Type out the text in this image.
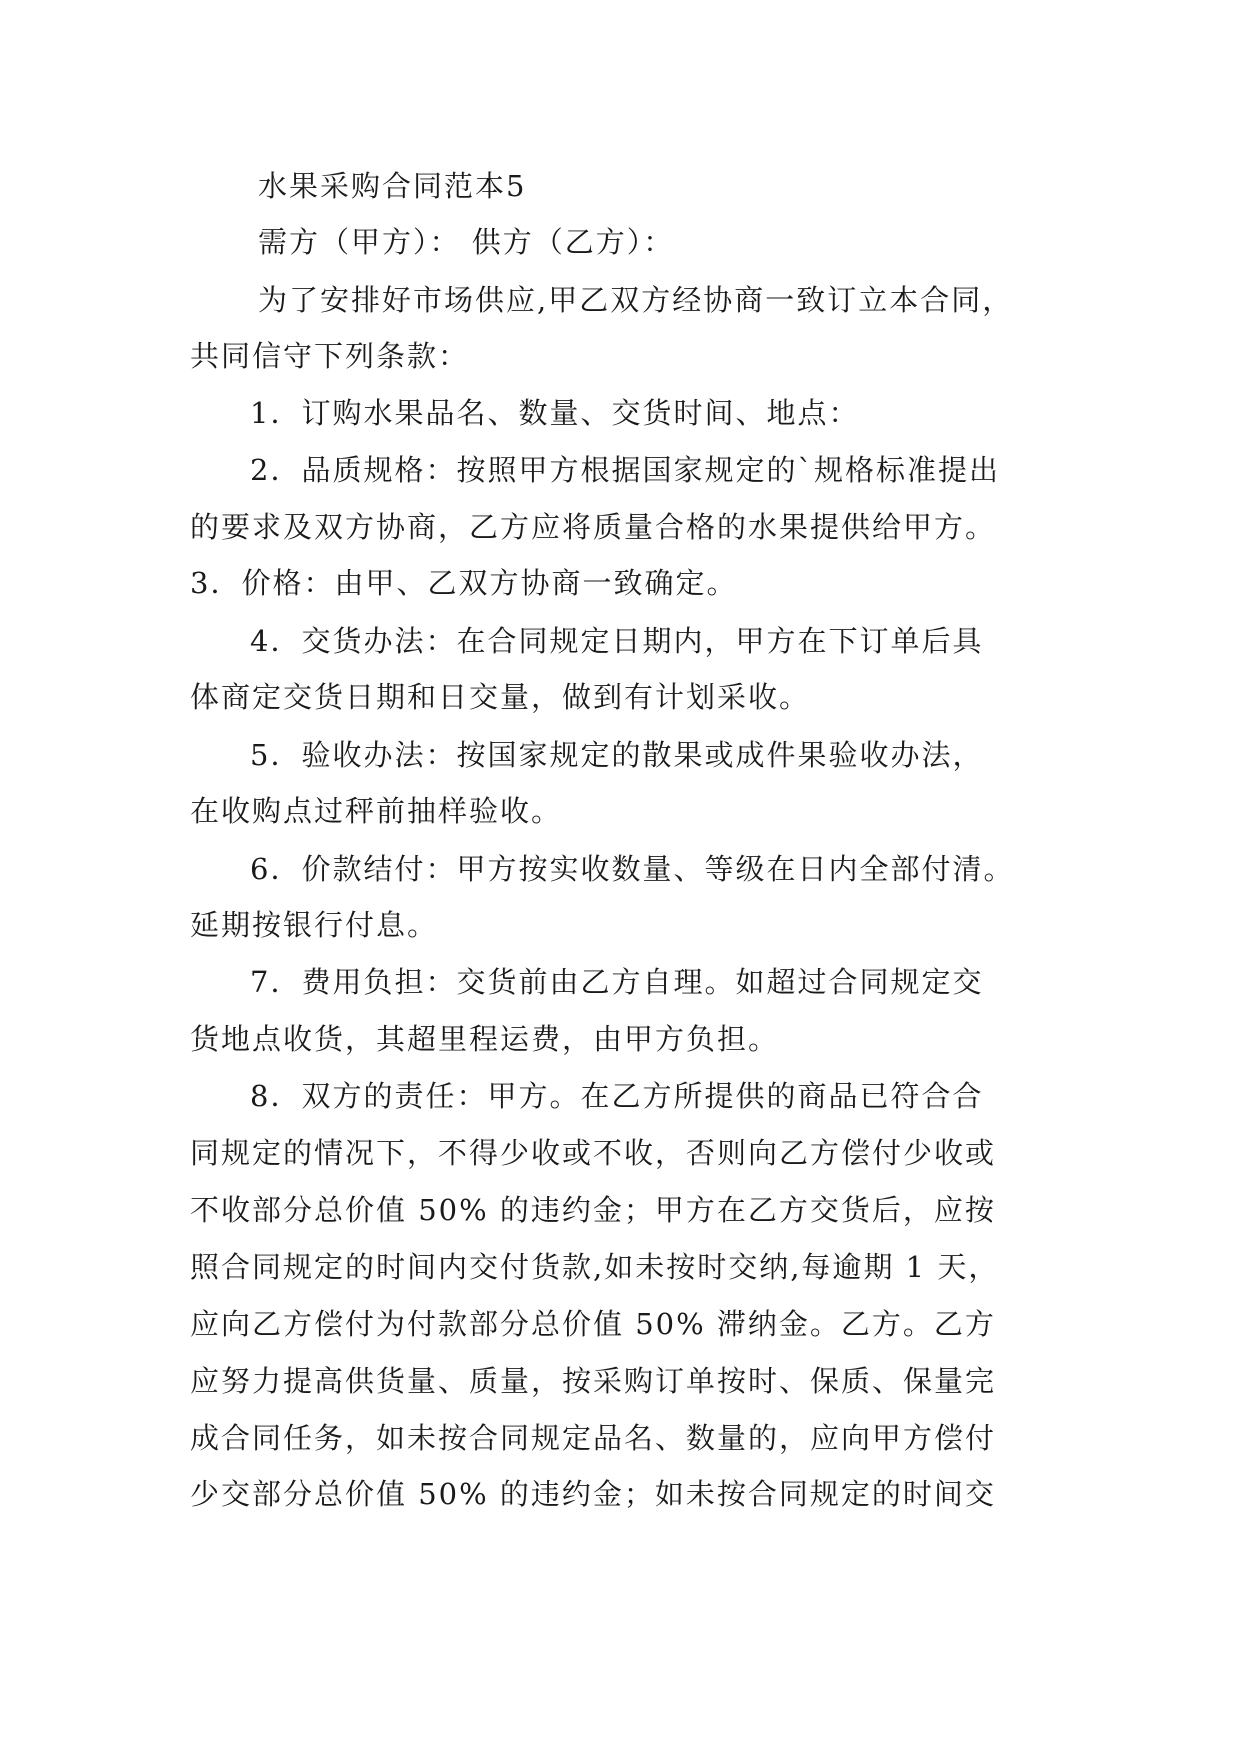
水果采购合同范本5
需方（甲方）： 供方（乙方）：
为了安排好市场供应,甲乙双方经协商一致订立本合同，
共同信守下列条款：
1．订购水果品名、数量、交货时间、地点：
2．品质规格：按照甲方根据国家规定的`规格标准提出
的要求及双方协商，乙方应将质量合格的水果提供给甲方。
3．价格：由甲、乙双方协商一致确定。
4．交货办法：在合同规定日期内，甲方在下订单后具
体商定交货日期和日交量，做到有计划采收。
5．验收办法：按国家规定的散果或成件果验收办法，
在收购点过秤前抽样验收。
6．价款结付：甲方按实收数量、等级在日内全部付清。
延期按银行付息。
7．费用负担：交货前由乙方自理。如超过合同规定交
货地点收货，其超里程运费，由甲方负担。
8．双方的责任：甲方。在乙方所提供的商品已符合合
同规定的情况下，不得少收或不收，否则向乙方偿付少收或
不收部分总价值 50% 的违约金；甲方在乙方交货后，应按
照合同规定的时间内交付货款,如未按时交纳,每逾期 1 天，
应向乙方偿付为付款部分总价值 50% 滞纳金。乙方。乙方
应努力提高供货量、质量，按采购订单按时、保质、保量完
成合同任务，如未按合同规定品名、数量的，应向甲方偿付
少交部分总价值 50% 的违约金；如未按合同规定的时间交
